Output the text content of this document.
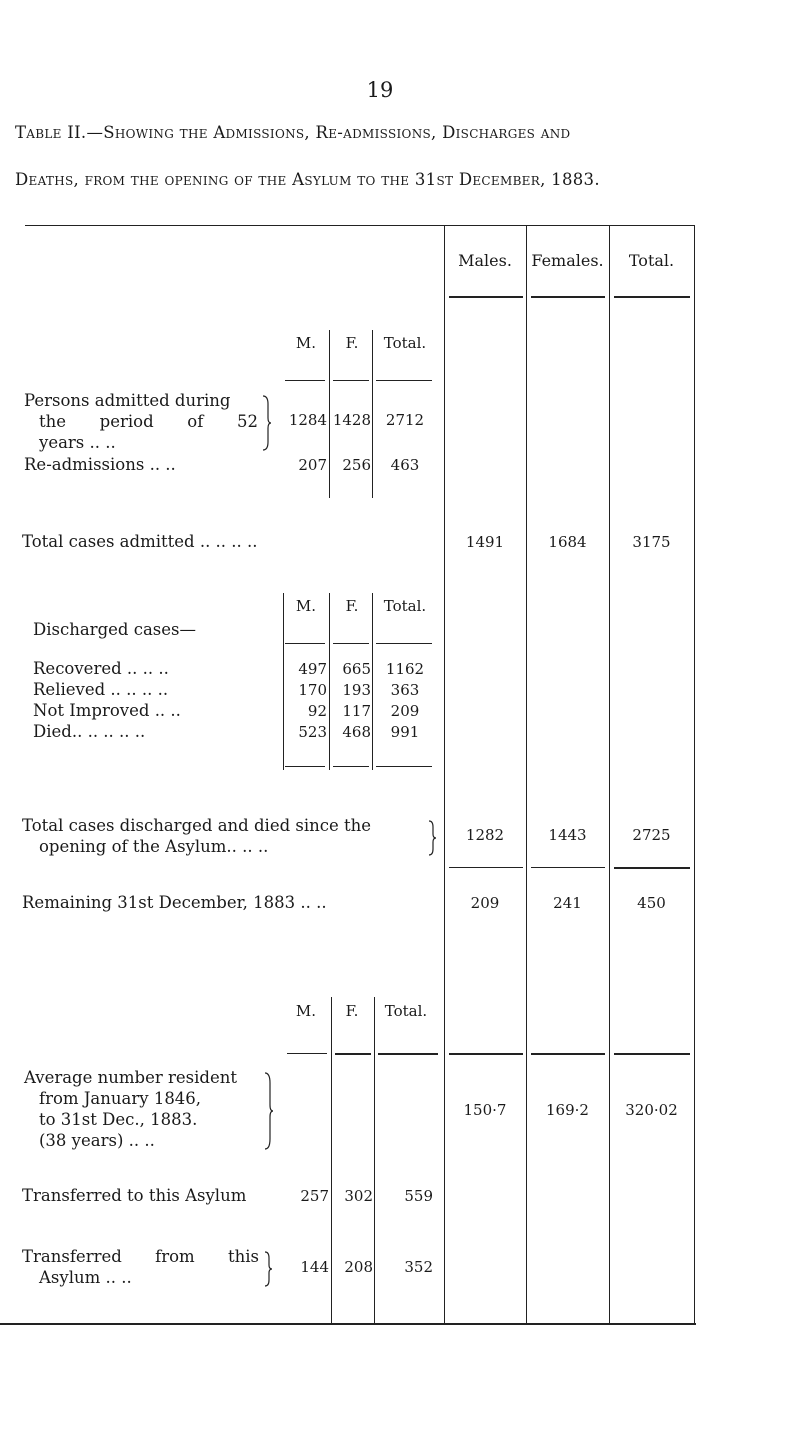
19
Table II.—Showing the Admissions, Re-admissions, Discharges and
Deaths, from the opening of the Asylum to the 31st December, 1883.
Males.	Females.	Total.
M.	F.	Total.
Persons admitted during
the period of 52
years .. ..
1284 1428 2712
Re-admissions .. ..	207	256	463
Total cases admitted .. .. .. ..	1491	1684	3175
M.	F.	Total.
Discharged cases—
Recovered .. .. ..	497	665 1162
Relieved .. .. .. ..	170	193	363
Not Improved .. ..	92	117	209
Died.. .. .. .. ..	523	468	991
Total cases discharged and died since the
opening of the Asylum.. .. ..
1282	1443	2725
Remaining 31st December, 1883 .. ..	209	241	450
M.	F.	Total.
Average number resident
from January 1846,
to 31st Dec., 1883.
(38 years) .. ..
150·7	169·2	320·02
Transferred to this Asylum	257	302	559
Transferred from this
Asylum .. ..
144	208	352
